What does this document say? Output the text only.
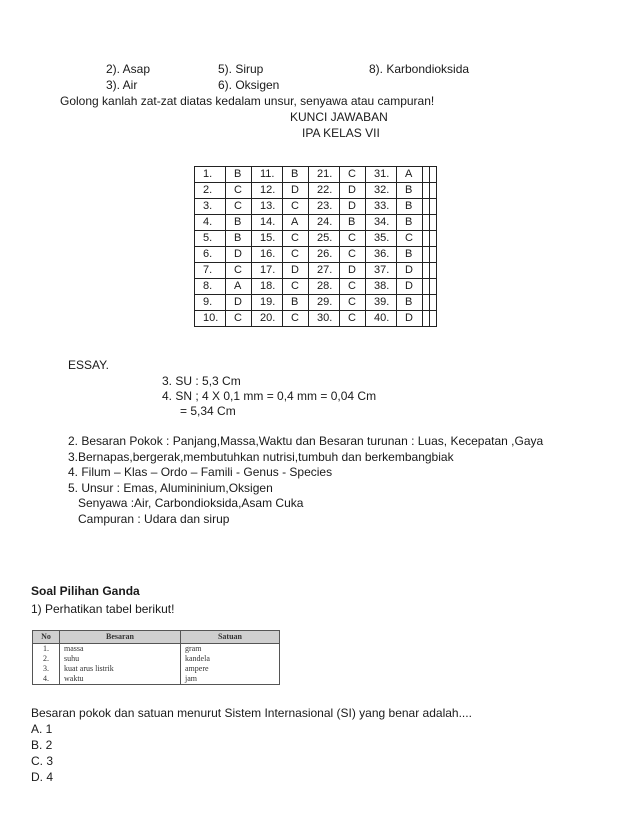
2). Asap	5). Sirup	8). Karbondioksida
3). Air	6). Oksigen
Golong kanlah zat-zat diatas kedalam unsur, senyawa atau campuran!
KUNCI JAWABAN
IPA KELAS VII
1.	B	11.	B	21.	C	31.	A		
2.	C	12.	D	22.	D	32.	B		
3.	C	13.	C	23.	D	33.	B		
4.	B	14.	A	24.	B	34.	B		
5.	B	15.	C	25.	C	35.	C		
6.	D	16.	C	26.	C	36.	B		
7.	C	17.	D	27.	D	37.	D		
8.	A	18.	C	28.	C	38.	D		
9.	D	19.	B	29.	C	39.	B		
10.	C	20.	C	30.	C	40.	D		
ESSAY.
3. SU : 5,3 Cm
4. SN ; 4 X 0,1 mm = 0,4 mm = 0,04 Cm
= 5,34 Cm
2. Besaran Pokok : Panjang,Massa,Waktu dan Besaran turunan : Luas, Kecepatan ,Gaya
3.Bernapas,bergerak,membutuhkan nutrisi,tumbuh dan berkembangbiak
4. Filum – Klas – Ordo – Famili - Genus - Species
5. Unsur : Emas, Alumininium,Oksigen
Senyawa :Air, Carbondioksida,Asam Cuka
Campuran : Udara dan sirup
Soal Pilihan Ganda
1) Perhatikan tabel berikut!
No	Besaran	Satuan
1.	massa	gram
2.	suhu	kandela
3.	kuat arus listrik	ampere
4.	waktu	jam
Besaran pokok dan satuan menurut Sistem Internasional (SI) yang benar adalah....
A. 1
B. 2
C. 3
D. 4
